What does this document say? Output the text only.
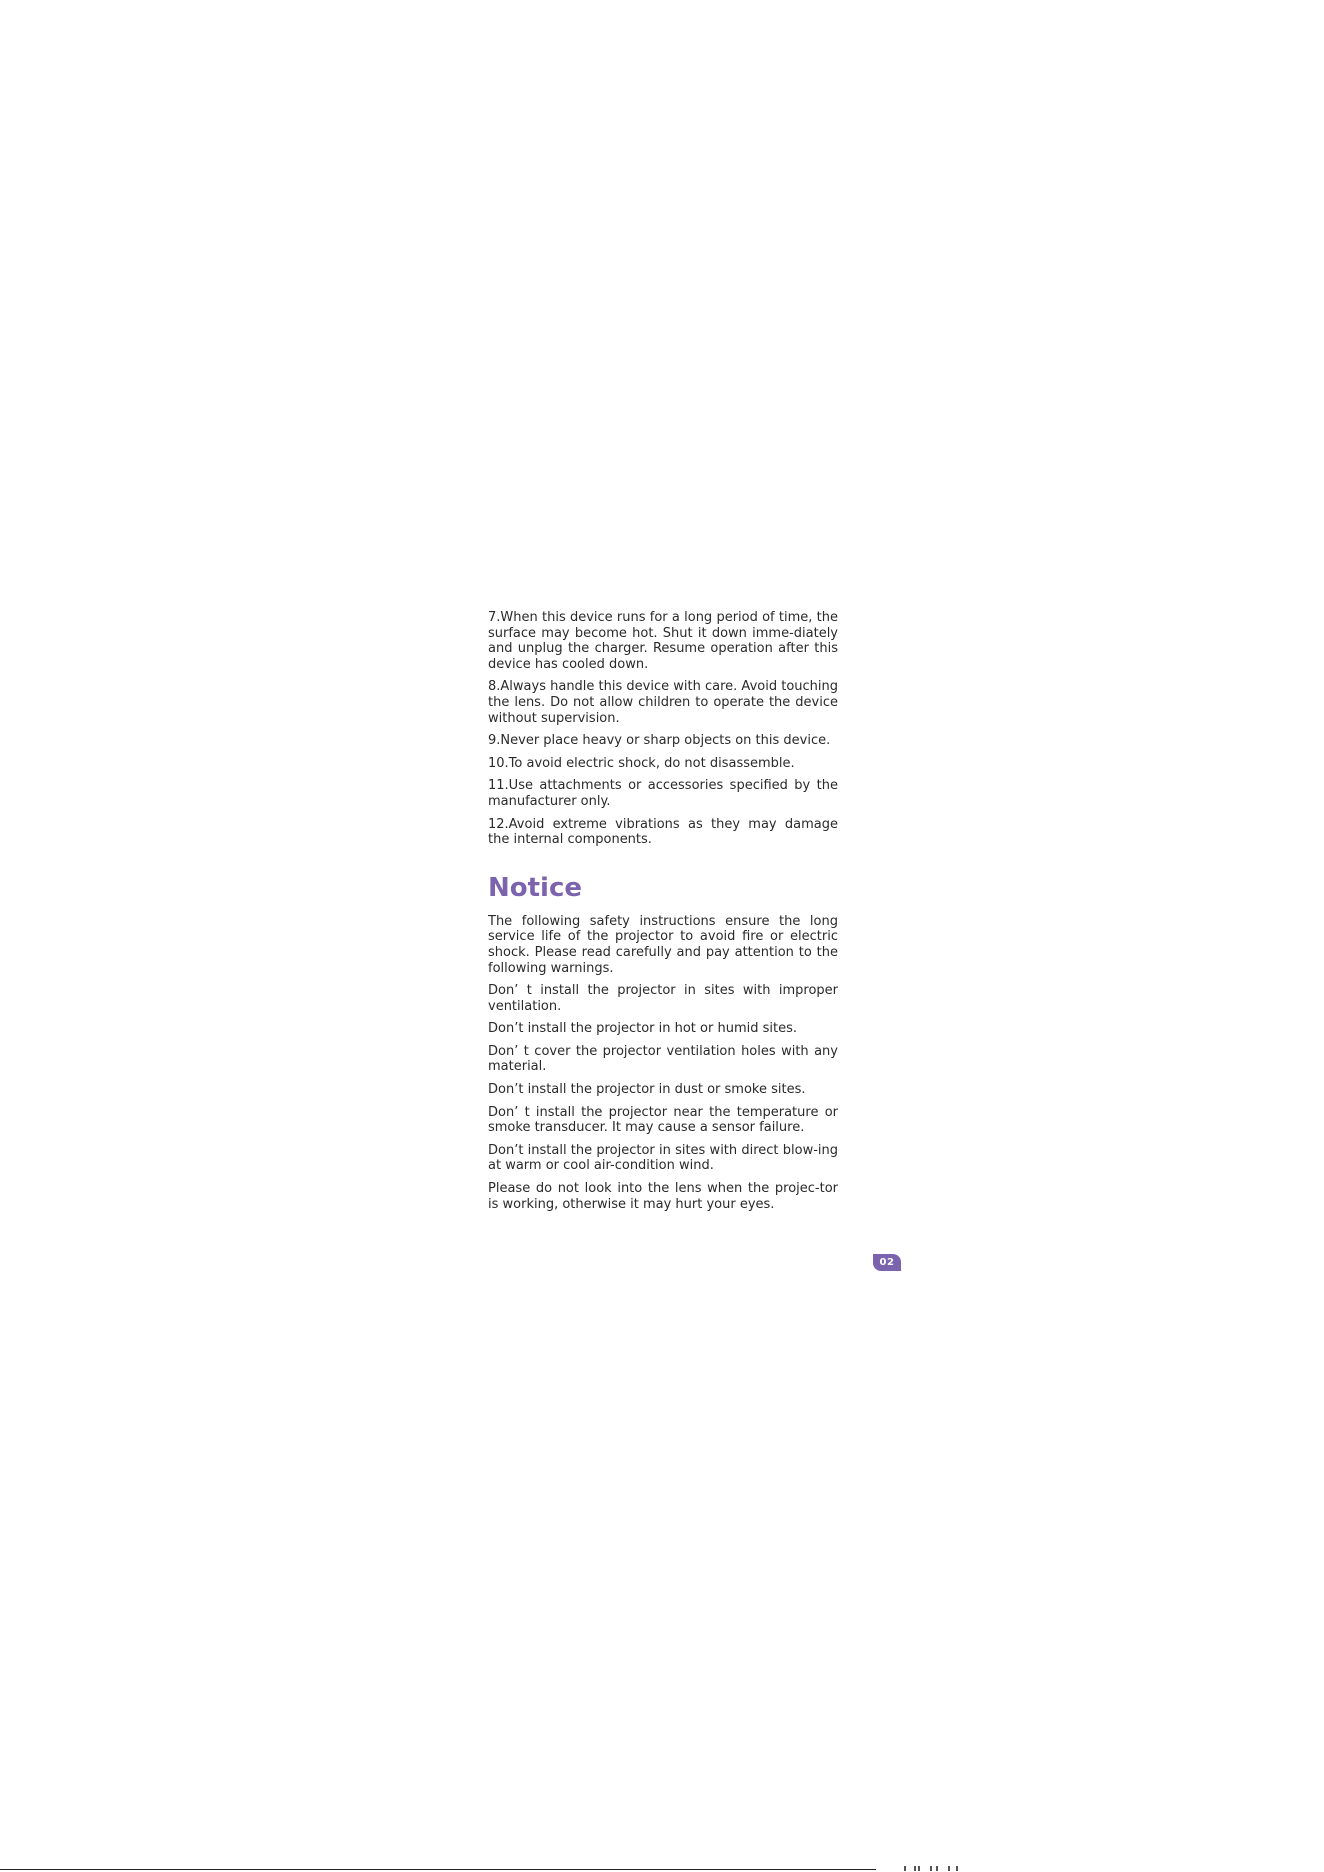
7.When this device runs for a long period of time, the surface may become hot. Shut it down imme-diately and unplug the charger. Resume operation after this device has cooled down.

8.Always handle this device with care. Avoid touching the lens. Do not allow children to operate the device without supervision.

9.Never place heavy or sharp objects on this device.

10.To avoid electric shock, do not disassemble.

11.Use attachments or accessories specified by the manufacturer only.

12.Avoid extreme vibrations as they may damage the internal components.

Notice

The following safety instructions ensure the long service life of the projector to avoid fire or electric shock. Please read carefully and pay attention to the following warnings.

Don’ t install the projector in sites with improper ventilation.

Don’t install the projector in hot or humid sites.

Don’ t cover the projector ventilation holes with any material.

Don’t install the projector in dust or smoke sites.

Don’ t install the projector near the temperature or smoke transducer. It may cause a sensor failure.

Don’t install the projector in sites with direct blow-ing at warm or cool air-condition wind.

Please do not look into the lens when the projec-tor is working, otherwise it may hurt your eyes.

02
